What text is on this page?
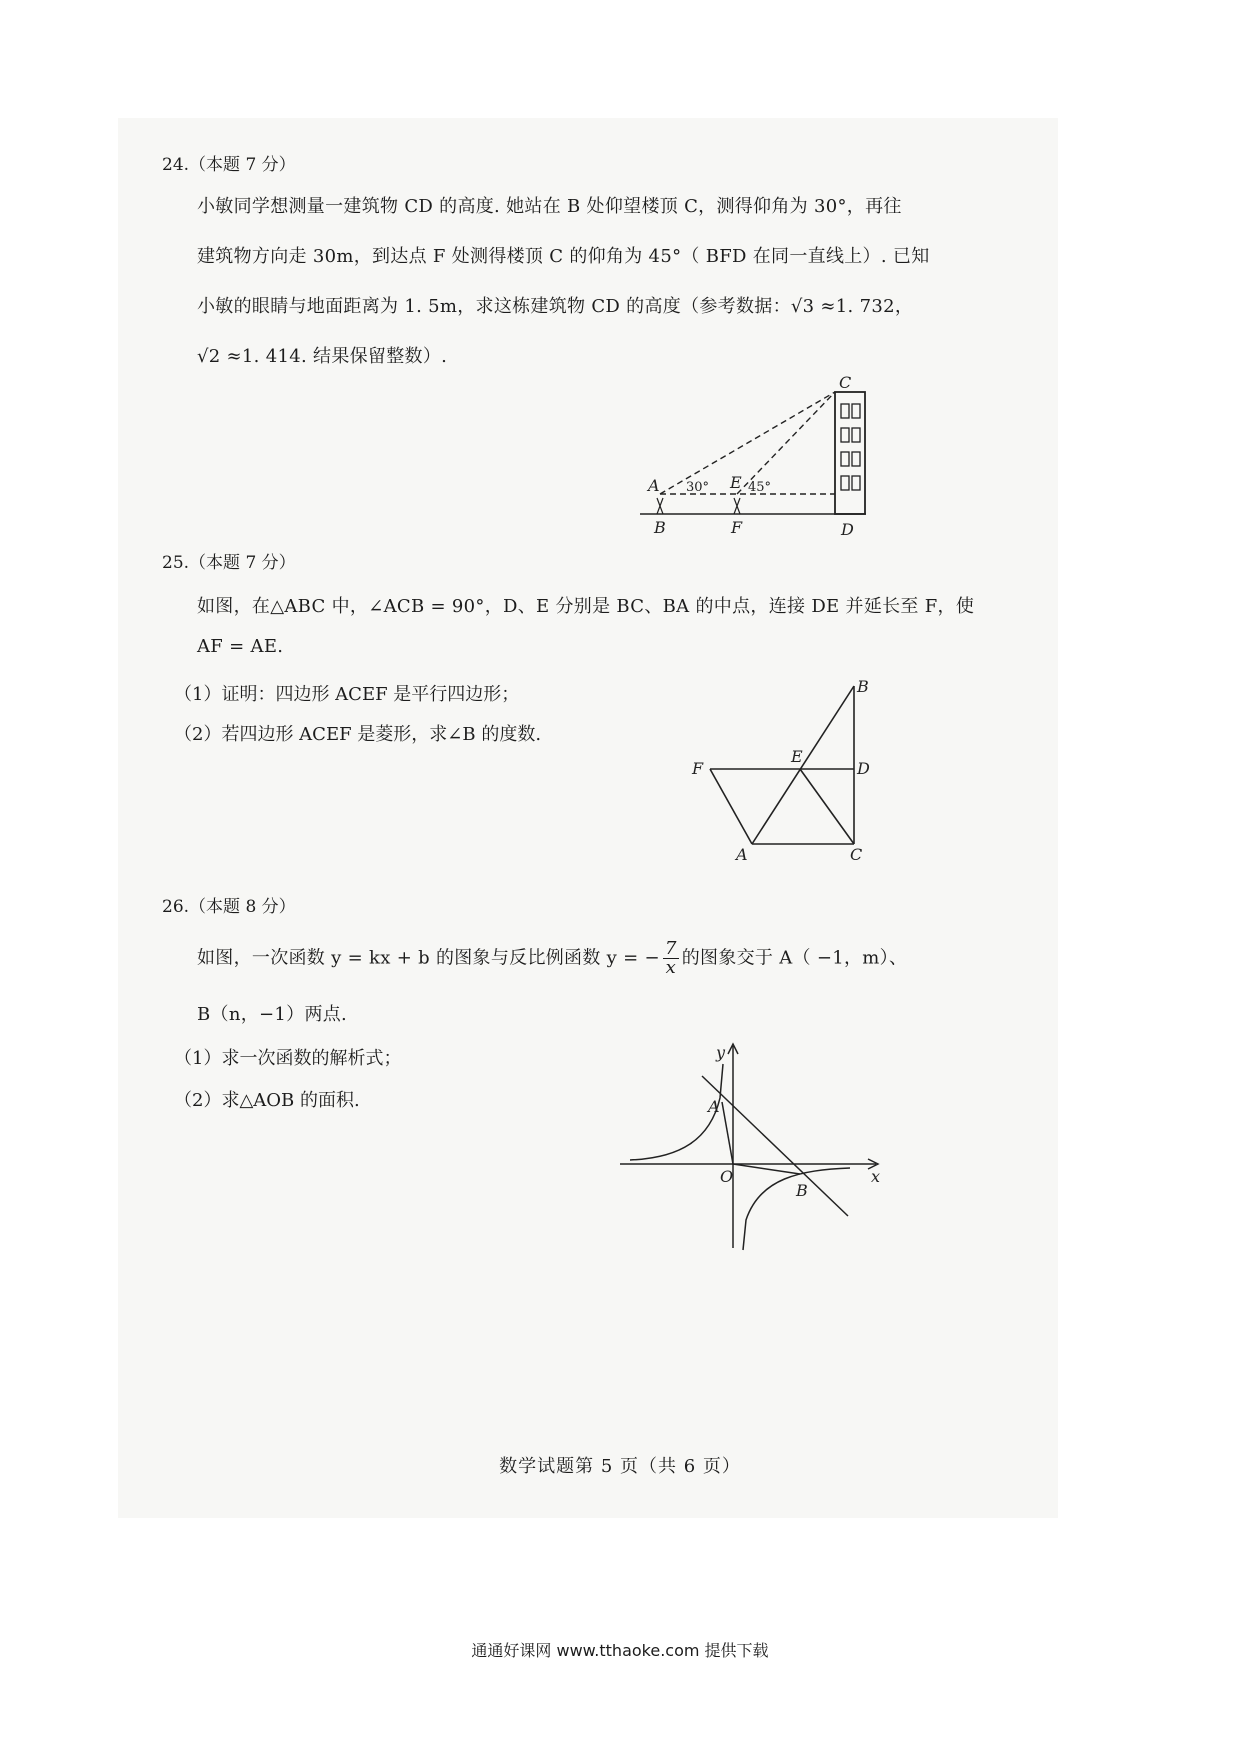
24.（本题 7 分）
小敏同学想测量一建筑物 CD 的高度. 她站在 B 处仰望楼顶 C，测得仰角为 30°，再往
建筑物方向走 30m，到达点 F 处测得楼顶 C 的仰角为 45°（ BFD 在同一直线上）. 已知
小敏的眼睛与地面距离为 1. 5m，求这栋建筑物 CD 的高度（参考数据：√3 ≈1. 732，
√2 ≈1. 414. 结果保留整数）.
A
B
C
D
E
F
30°	45°
25.（本题 7 分）
如图，在△ABC 中，∠ACB = 90°，D、E 分别是 BC、BA 的中点，连接 DE 并延长至 F，使
AF = AE.
（1）证明：四边形 ACEF 是平行四边形；
（2）若四边形 ACEF 是菱形，求∠B 的度数.
B
D
E
F
A	C
26.（本题 8 分）
如图，一次函数 y = kx + b 的图象与反比例函数 y = − $\frac{7}{x}$ 的图象交于 A（ −1，m）、
B（n，−1）两点.
（1）求一次函数的解析式；
（2）求△AOB 的面积.
y
x
O
A
B
数学试题第 5 页（共 6 页）
通通好课网 www.tthaoke.com 提供下载
